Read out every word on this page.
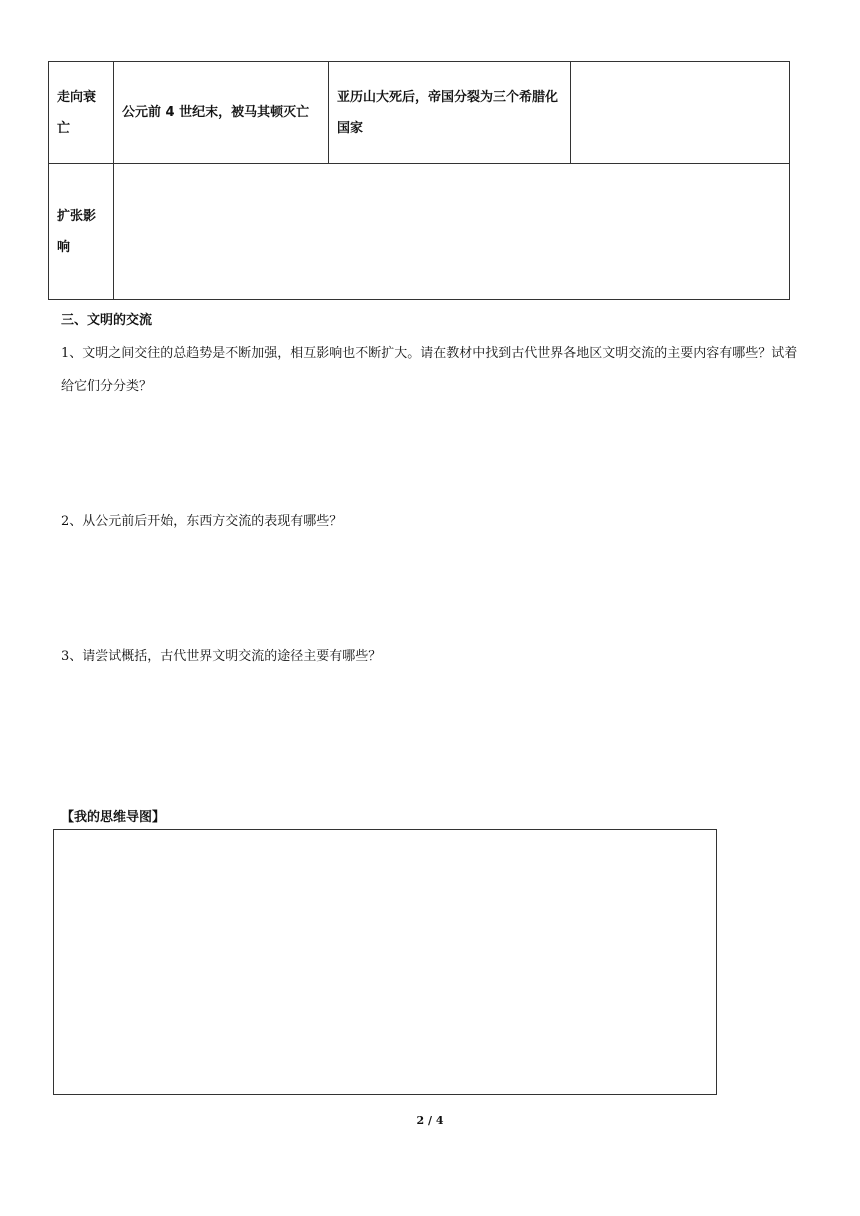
走向衰亡	公元前 4 世纪末，被马其顿灭亡	亚历山大死后，帝国分裂为三个希腊化国家	
扩张影响			
三、文明的交流
1、文明之间交往的总趋势是不断加强，相互影响也不断扩大。请在教材中找到古代世界各地区文明交流的主要内容有哪些？试着给它们分分类？
2、从公元前后开始，东西方交流的表现有哪些？
3、请尝试概括，古代世界文明交流的途径主要有哪些？
【我的思维导图】
2 / 4
